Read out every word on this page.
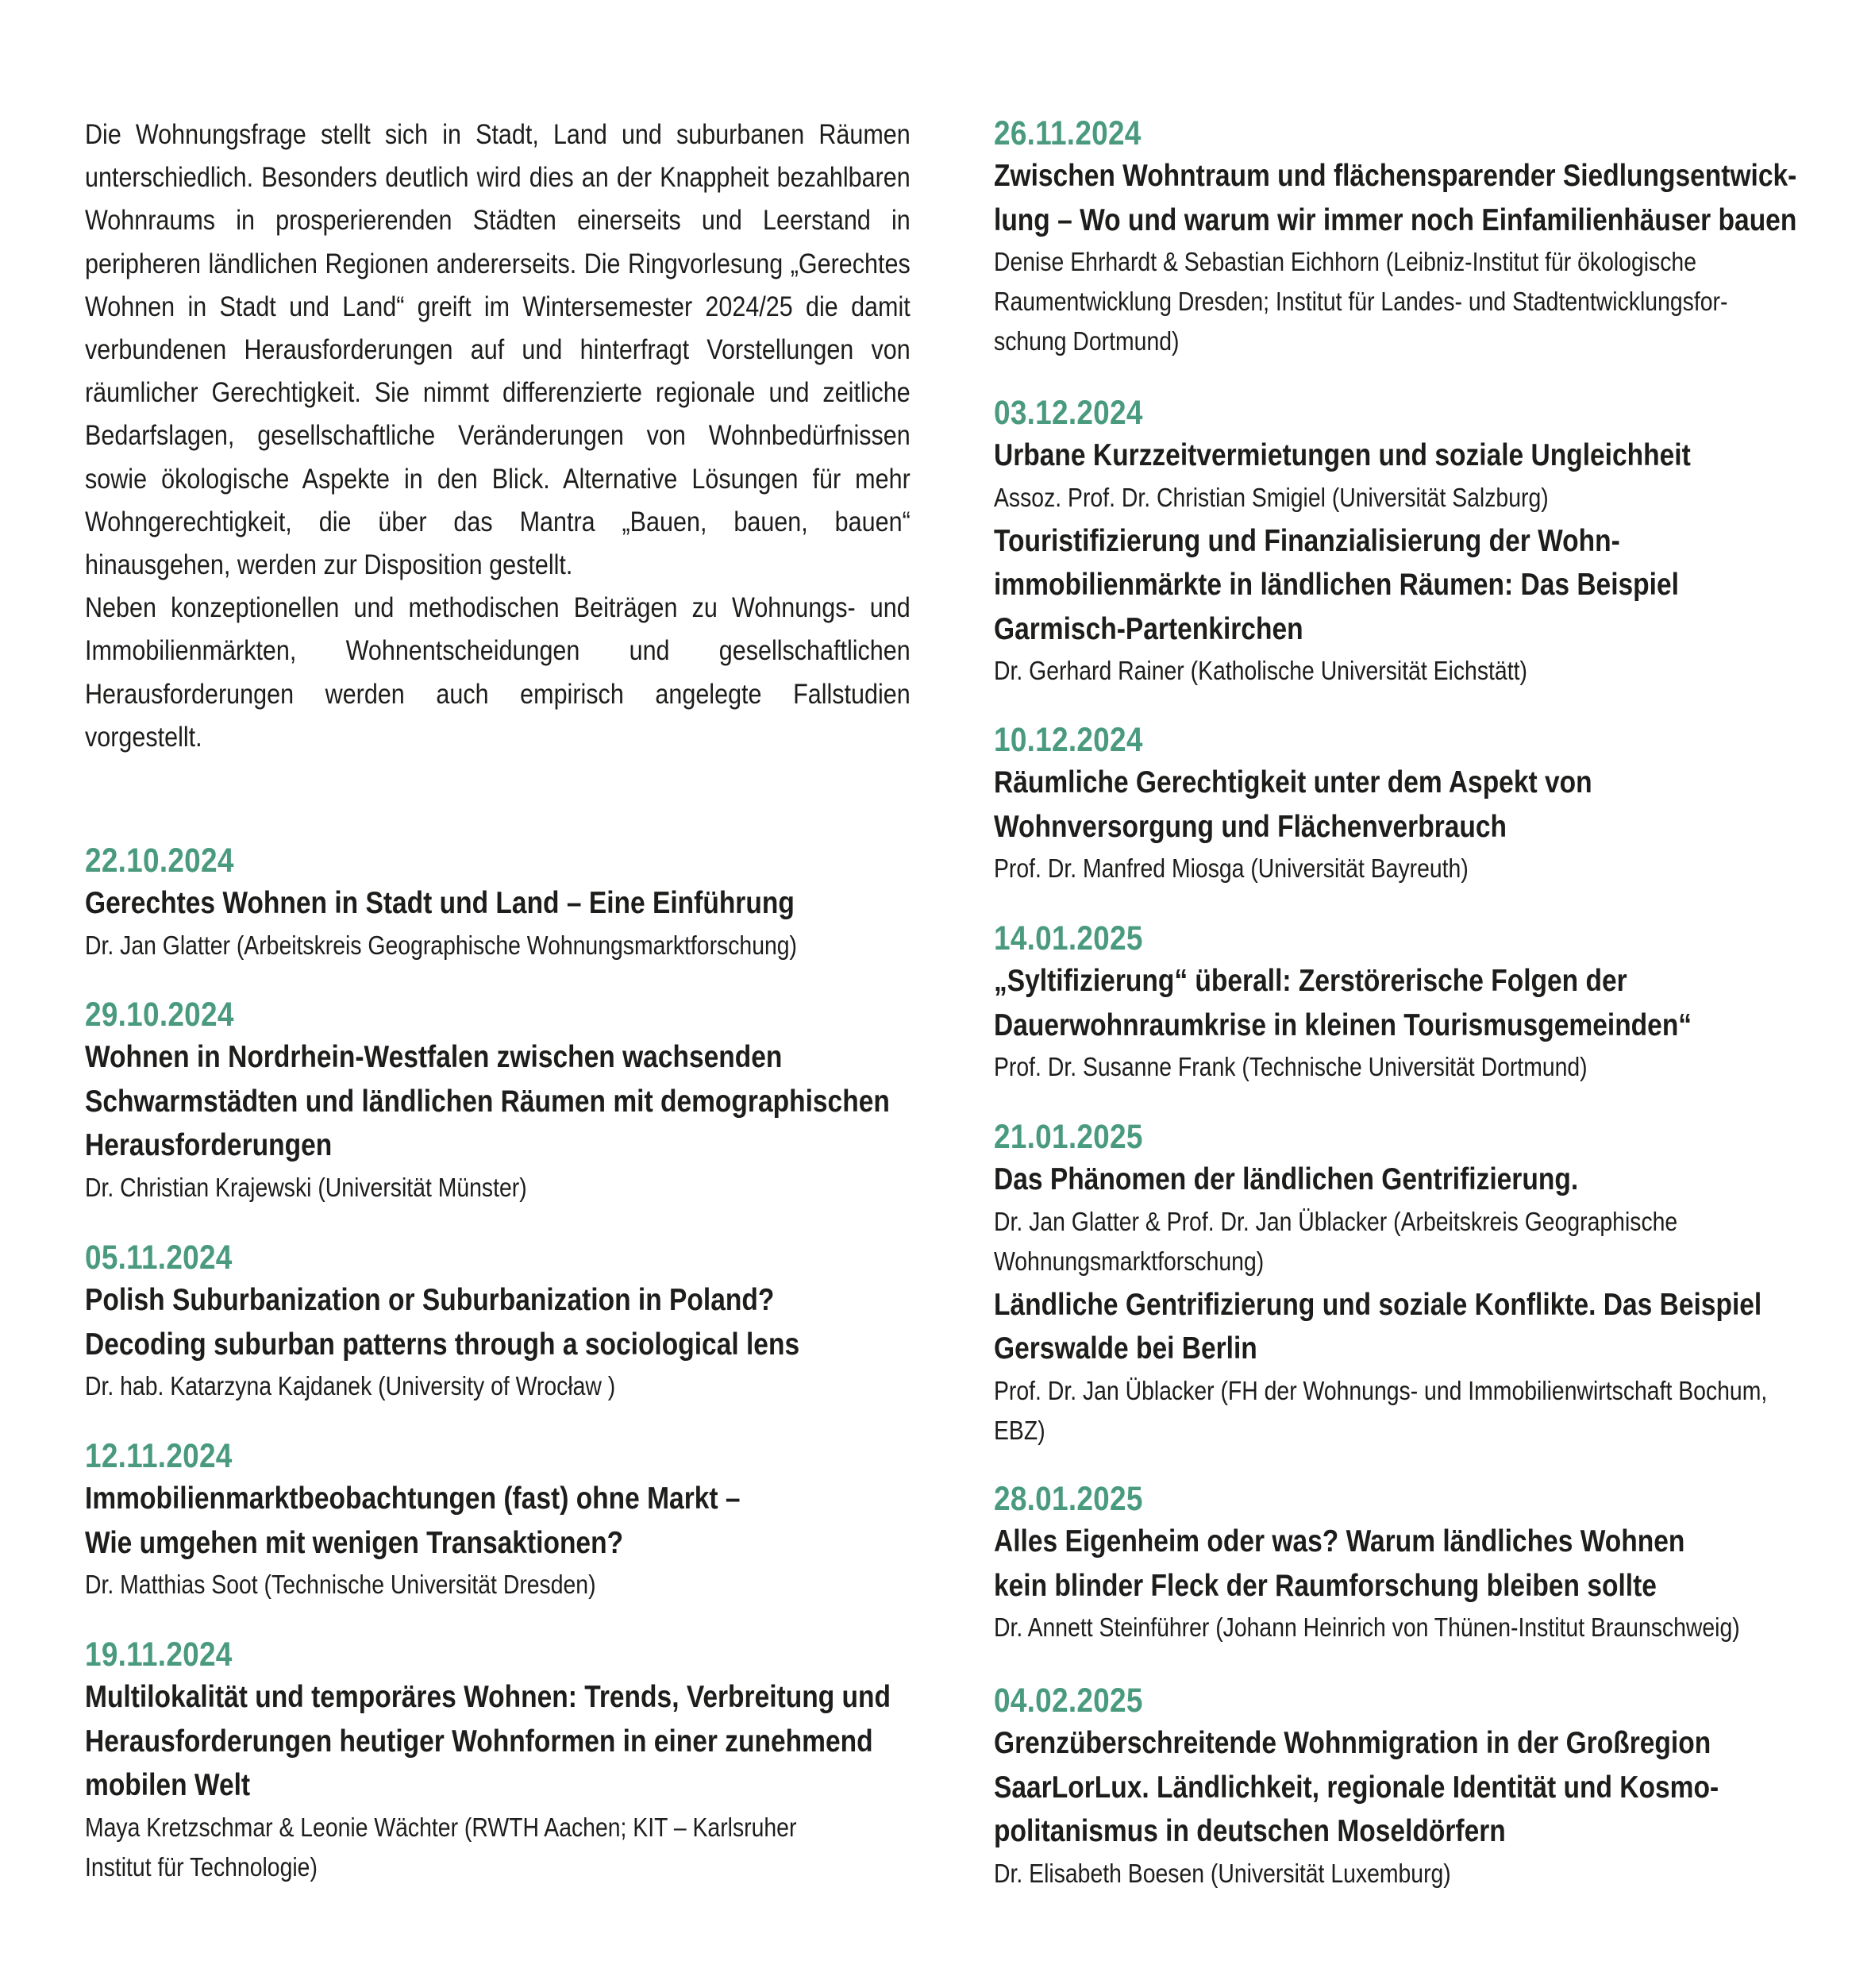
Die Wohnungsfrage stellt sich in Stadt, Land und suburbanen Räumen unterschiedlich. Besonders deutlich wird dies an der Knappheit bezahlbaren Wohnraums in prosperierenden Städten einerseits und Leerstand in peripheren ländlichen Regionen andererseits. Die Ringvorlesung „Gerechtes Wohnen in Stadt und Land“ greift im Wintersemester 2024/25 die damit verbundenen Herausforderungen auf und hinterfragt Vorstellungen von räumlicher Gerechtigkeit. Sie nimmt differenzierte regionale und zeitliche Bedarfslagen, gesellschaftliche Veränderungen von Wohnbedürfnissen sowie ökologische Aspekte in den Blick. Alternative Lösungen für mehr Wohngerechtigkeit, die über das Mantra „Bauen, bauen, bauen“ hinausgehen, werden zur Disposition gestellt.

Neben konzeptionellen und methodischen Beiträgen zu Wohnungs- und Immobilienmärkten, Wohnentscheidungen und gesellschaftlichen Herausforderungen werden auch empirisch angelegte Fallstudien vorgestellt.

22.10.2024
Gerechtes Wohnen in Stadt und Land – Eine Einführung
Dr. Jan Glatter (Arbeitskreis Geographische Wohnungsmarktforschung)
29.10.2024
Wohnen in Nordrhein-Westfalen zwischen wachsenden
Schwarmstädten und ländlichen Räumen mit demographischen
Herausforderungen
Dr. Christian Krajewski (Universität Münster)
05.11.2024
Polish Suburbanization or Suburbanization in Poland?
Decoding suburban patterns through a sociological lens
Dr. hab. Katarzyna Kajdanek (University of Wrocław )
12.11.2024
Immobilienmarktbeobachtungen (fast) ohne Markt –
Wie umgehen mit wenigen Transaktionen?
Dr. Matthias Soot (Technische Universität Dresden)
19.11.2024
Multilokalität und temporäres Wohnen: Trends, Verbreitung und
Herausforderungen heutiger Wohnformen in einer zunehmend
mobilen Welt
Maya Kretzschmar & Leonie Wächter (RWTH Aachen; KIT – Karlsruher
Institut für Technologie)
26.11.2024
Zwischen Wohntraum und flächensparender Siedlungsentwick-
lung – Wo und warum wir immer noch Einfamilienhäuser bauen
Denise Ehrhardt & Sebastian Eichhorn (Leibniz-Institut für ökologische
Raumentwicklung Dresden; Institut für Landes- und Stadtentwicklungsfor-
schung Dortmund)
03.12.2024
Urbane Kurzzeitvermietungen und soziale Ungleichheit
Assoz. Prof. Dr. Christian Smigiel (Universität Salzburg)
Touristifizierung und Finanzialisierung der Wohn-
immobilienmärkte in ländlichen Räumen: Das Beispiel
Garmisch-Partenkirchen
Dr. Gerhard Rainer (Katholische Universität Eichstätt)
10.12.2024
Räumliche Gerechtigkeit unter dem Aspekt von
Wohnversorgung und Flächenverbrauch
Prof. Dr. Manfred Miosga (Universität Bayreuth)
14.01.2025
„Syltifizierung“ überall: Zerstörerische Folgen der
Dauerwohnraumkrise in kleinen Tourismusgemeinden“
Prof. Dr. Susanne Frank (Technische Universität Dortmund)
21.01.2025
Das Phänomen der ländlichen Gentrifizierung.
Dr. Jan Glatter & Prof. Dr. Jan Üblacker (Arbeitskreis Geographische
Wohnungsmarktforschung)
Ländliche Gentrifizierung und soziale Konflikte. Das Beispiel
Gerswalde bei Berlin
Prof. Dr. Jan Üblacker (FH der Wohnungs- und Immobilienwirtschaft Bochum,
EBZ)
28.01.2025
Alles Eigenheim oder was? Warum ländliches Wohnen
kein blinder Fleck der Raumforschung bleiben sollte
Dr. Annett Steinführer (Johann Heinrich von Thünen-Institut Braunschweig)
04.02.2025
Grenzüberschreitende Wohnmigration in der Großregion
SaarLorLux. Ländlichkeit, regionale Identität und Kosmo-
politanismus in deutschen Moseldörfern
Dr. Elisabeth Boesen (Universität Luxemburg)
